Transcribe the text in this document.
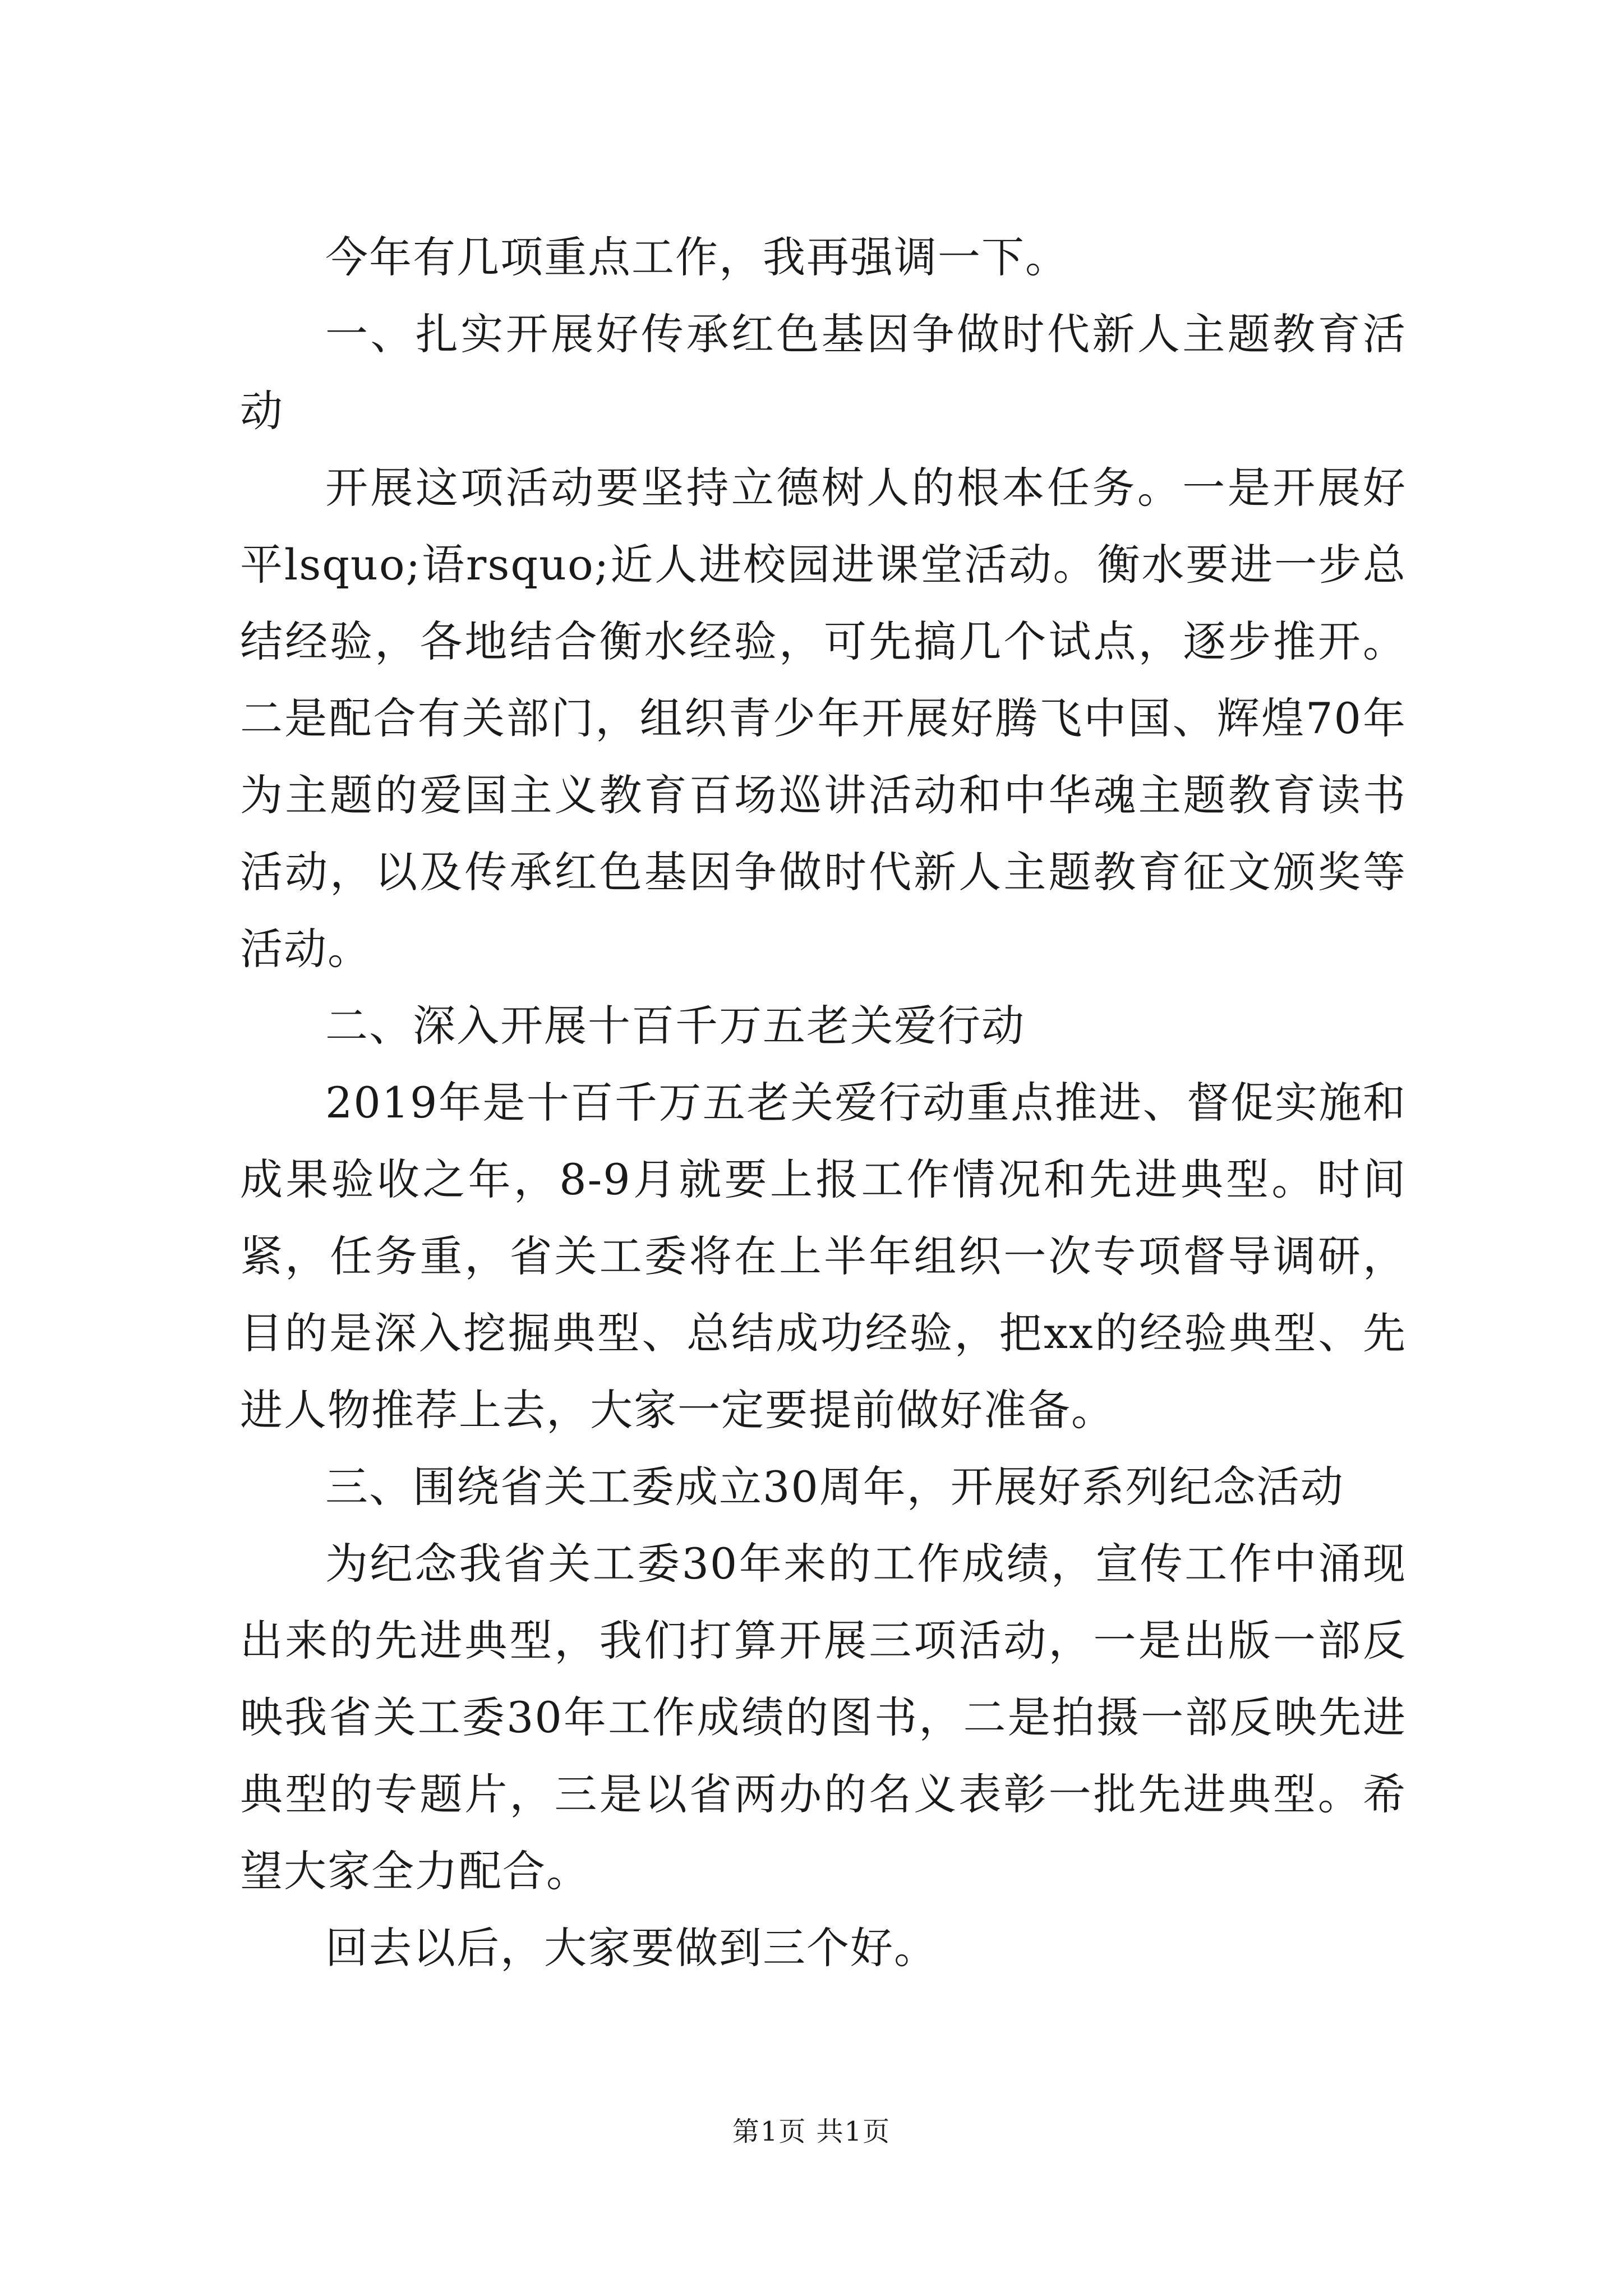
今年有几项重点工作，我再强调一下。

一、扎实开展好传承红色基因争做时代新人主题教育活动

开展这项活动要坚持立德树人的根本任务。一是开展好平lsquo;语rsquo;近人进校园进课堂活动。衡水要进一步总结经验，各地结合衡水经验，可先搞几个试点，逐步推开。二是配合有关部门，组织青少年开展好腾飞中国、辉煌70年为主题的爱国主义教育百场巡讲活动和中华魂主题教育读书活动，以及传承红色基因争做时代新人主题教育征文颁奖等活动。

二、深入开展十百千万五老关爱行动

2019年是十百千万五老关爱行动重点推进、督促实施和成果验收之年，8-9月就要上报工作情况和先进典型。时间紧，任务重，省关工委将在上半年组织一次专项督导调研，目的是深入挖掘典型、总结成功经验，把xx的经验典型、先进人物推荐上去，大家一定要提前做好准备。

三、围绕省关工委成立30周年，开展好系列纪念活动

为纪念我省关工委30年来的工作成绩，宣传工作中涌现出来的先进典型，我们打算开展三项活动，一是出版一部反映我省关工委30年工作成绩的图书，二是拍摄一部反映先进典型的专题片，三是以省两办的名义表彰一批先进典型。希望大家全力配合。

回去以后，大家要做到三个好。

第1页 共1页
